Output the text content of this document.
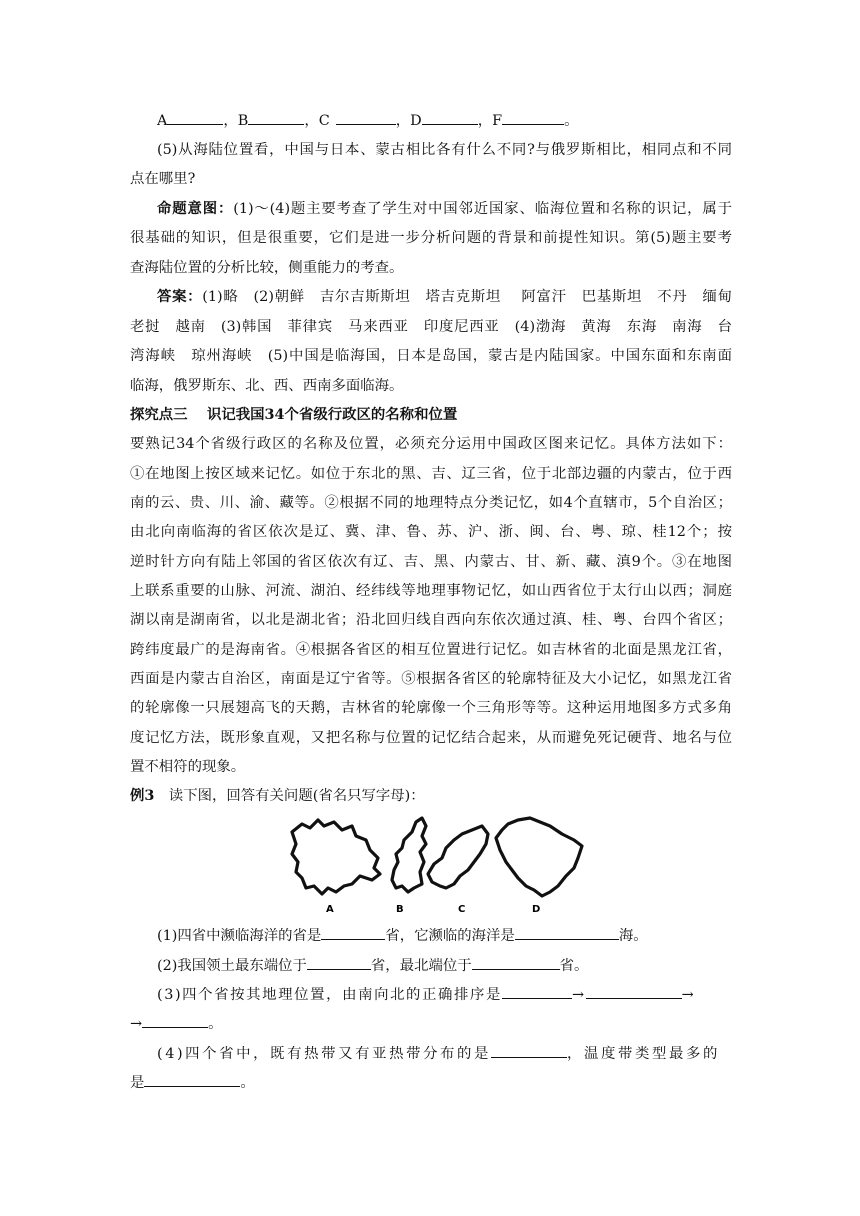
A	，B	，C	，D	，F	。
(5)从海陆位置看，中国与日本、蒙古相比各有什么不同?与俄罗斯相比，相同点和不同
点在哪里?
命题意图：(1)～(4)题主要考查了学生对中国邻近国家、临海位置和名称的识记，属于
很基础的知识，但是很重要，它们是进一步分析问题的背景和前提性知识。第(5)题主要考
查海陆位置的分析比较，侧重能力的考查。
答案：(1)略　(2)朝鲜　吉尔吉斯斯坦　塔吉克斯坦　 阿富汗　巴基斯坦　不丹　缅甸
老挝　越南　(3)韩国　菲律宾　马来西亚　印度尼西亚　(4)渤海　黄海　东海　南海　台
湾海峡　琼州海峡　(5)中国是临海国，日本是岛国，蒙古是内陆国家。中国东面和东南面
临海，俄罗斯东、北、西、西南多面临海。
探究点三　 识记我国34个省级行政区的名称和位置
要熟记34个省级行政区的名称及位置，必须充分运用中国政区图来记忆。具体方法如下：
①在地图上按区域来记忆。如位于东北的黑、吉、辽三省，位于北部边疆的内蒙古，位于西
南的云、贵、川、渝、藏等。②根据不同的地理特点分类记忆，如4个直辖市，5个自治区；
由北向南临海的省区依次是辽、冀、津、鲁、苏、沪、浙、闽、台、粤、琼、桂12个；按
逆时针方向有陆上邻国的省区依次有辽、吉、黑、内蒙古、甘、新、藏、滇9个。③在地图
上联系重要的山脉、河流、湖泊、经纬线等地理事物记忆，如山西省位于太行山以西；洞庭
湖以南是湖南省，以北是湖北省；沿北回归线自西向东依次通过滇、桂、粤、台四个省区；
跨纬度最广的是海南省。④根据各省区的相互位置进行记忆。如吉林省的北面是黑龙江省，
西面是内蒙古自治区，南面是辽宁省等。⑤根据各省区的轮廓特征及大小记忆，如黑龙江省
的轮廓像一只展翅高飞的天鹅，吉林省的轮廓像一个三角形等等。这种运用地图多方式多角
度记忆方法，既形象直观，又把名称与位置的记忆结合起来，从而避免死记硬背、地名与位
置不相符的现象。
例3　读下图，回答有关问题(省名只写字母)：
A	B	C	D
(1)四省中濒临海洋的省是	省，它濒临的海洋是	海。
(2)我国领土最东端位于	省，最北端位于	省。
(3)四个省按其地理位置，由南向北的正确排序是	→	→
→	。
(4)四个省中，既有热带又有亚热带分布的是	，温度带类型最多的
是	。
